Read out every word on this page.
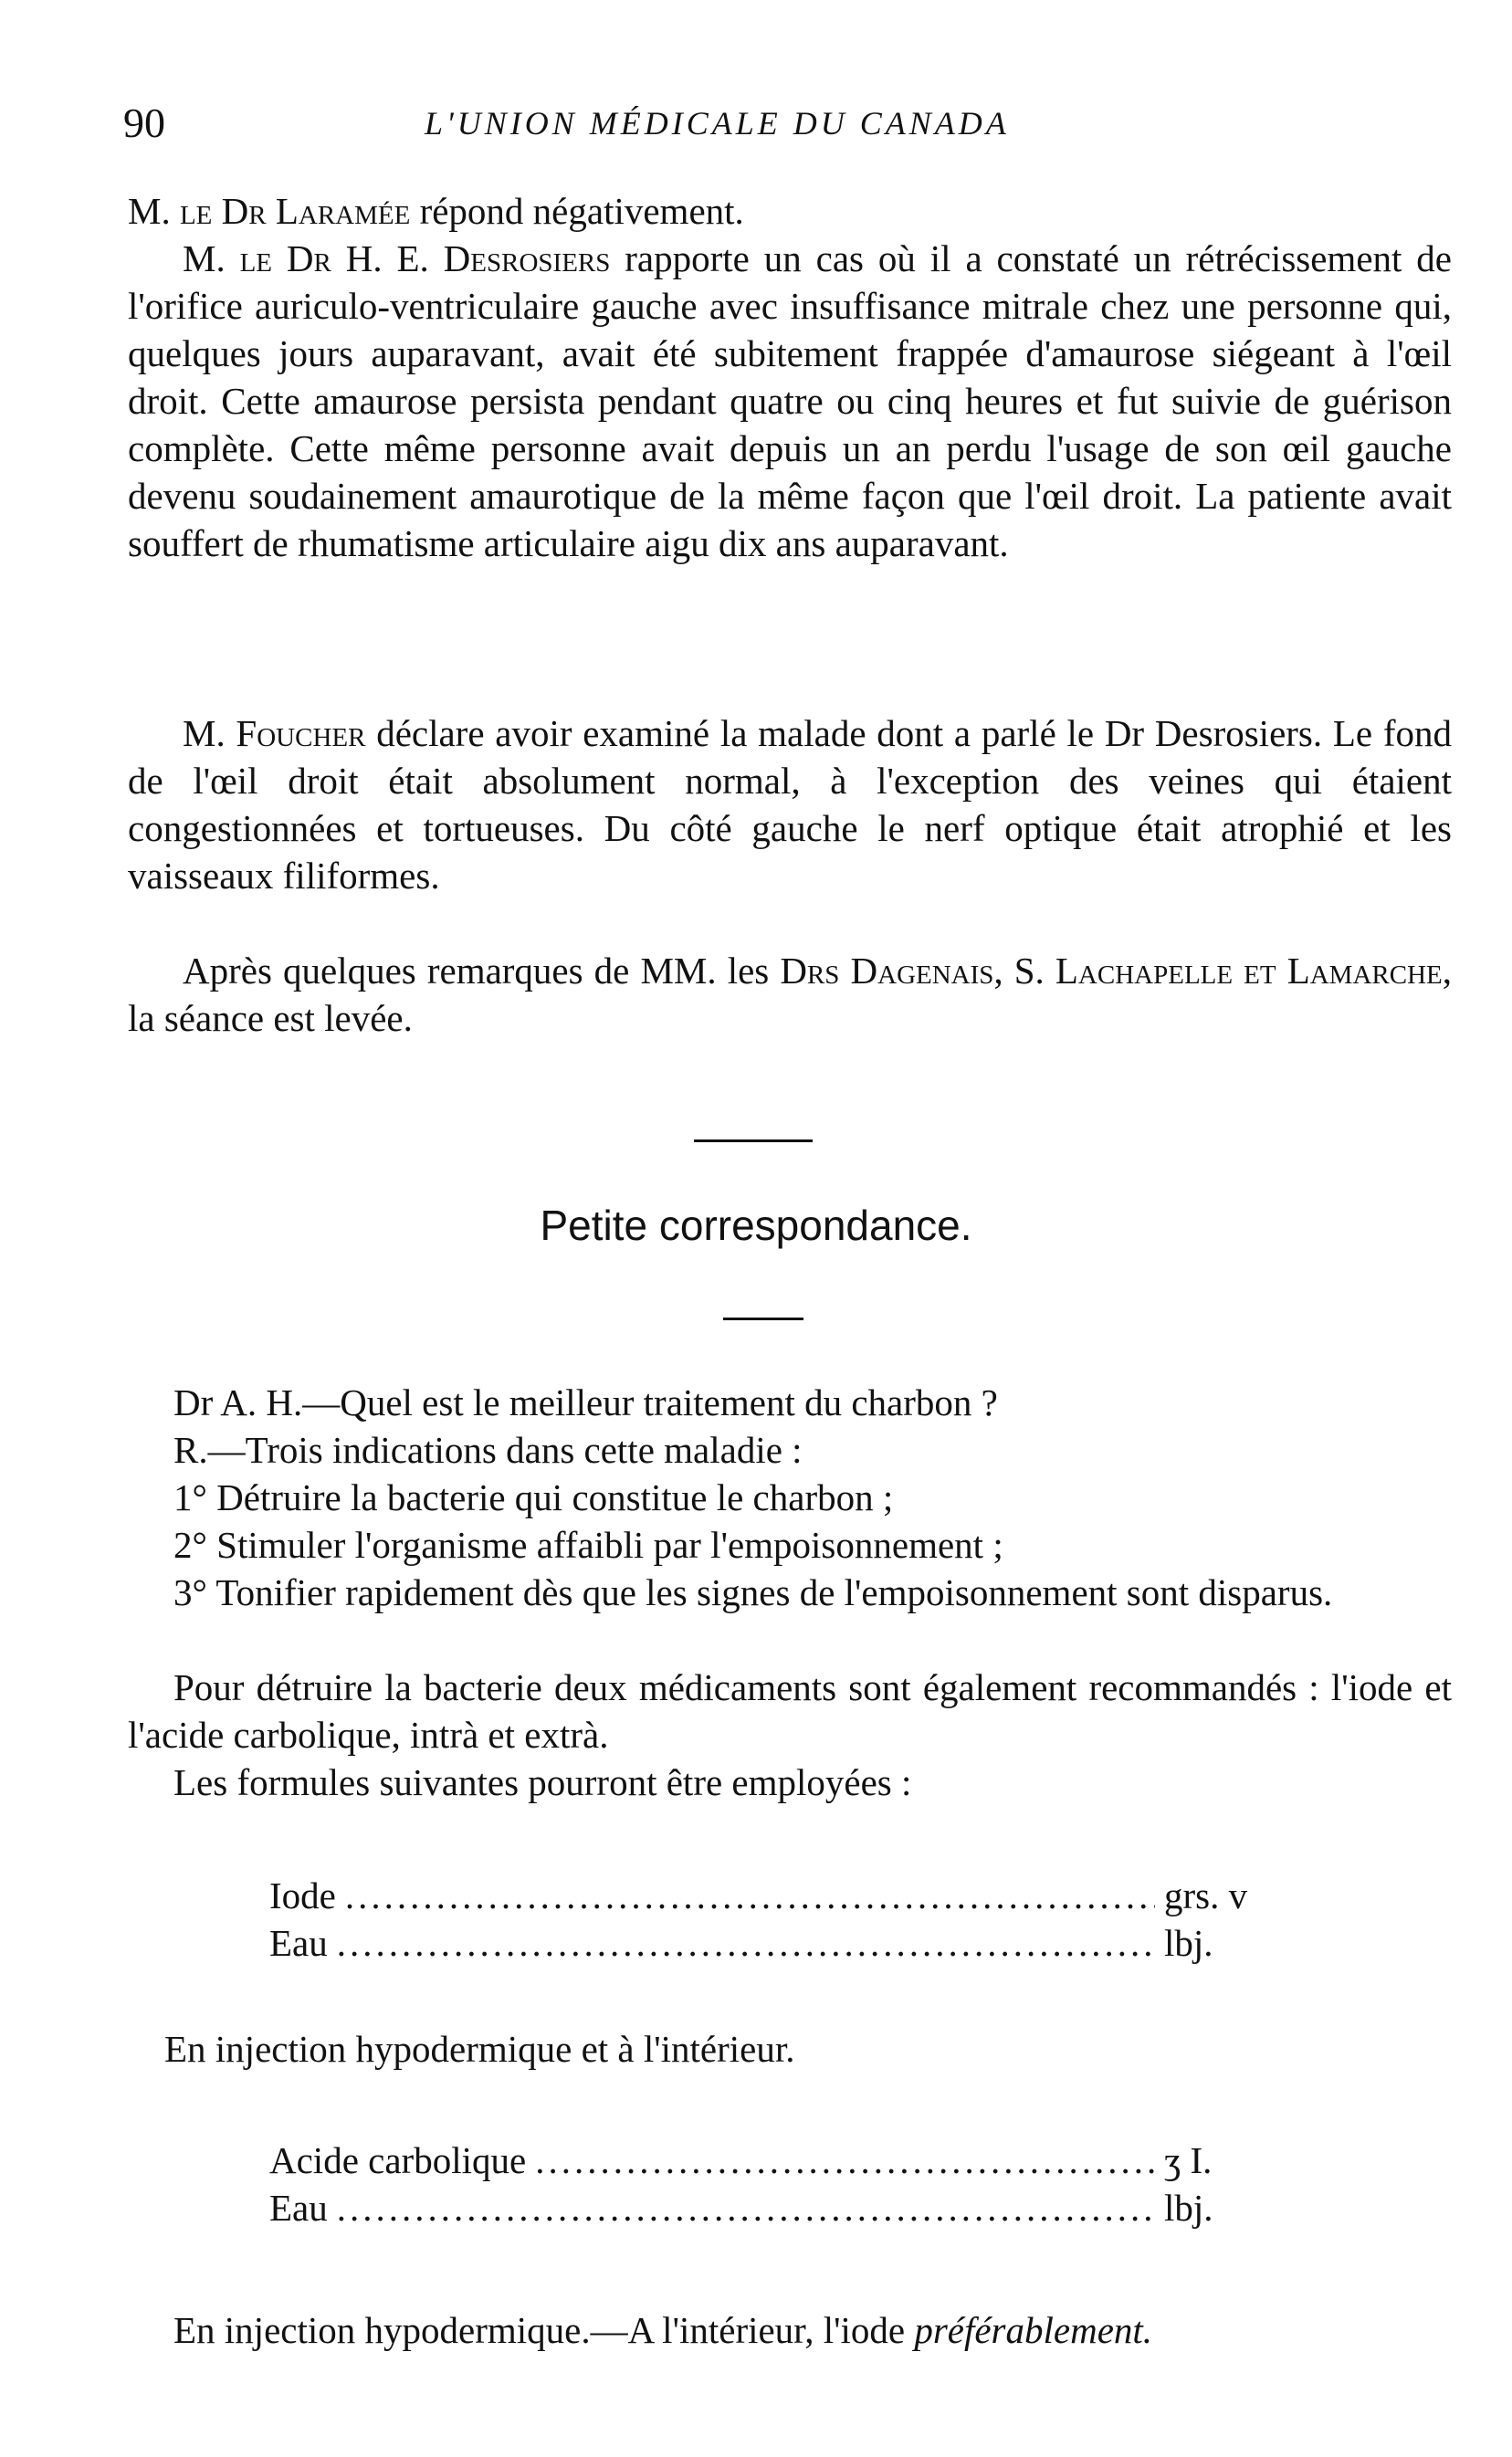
90	L'UNION MÉDICALE DU CANADA

M. le Dr Laramée répond négativement.

M. le Dr H. E. Desrosiers rapporte un cas où il a constaté un rétrécissement de l'orifice auriculo-ventriculaire gauche avec insuffisance mitrale chez une personne qui, quelques jours auparavant, avait été subitement frappée d'amaurose siégeant à l'œil droit. Cette amaurose persista pendant quatre ou cinq heures et fut suivie de guérison complète. Cette même personne avait depuis un an perdu l'usage de son œil gauche devenu soudainement amaurotique de la même façon que l'œil droit. La patiente avait souffert de rhumatisme articulaire aigu dix ans auparavant.

M. Foucher déclare avoir examiné la malade dont a parlé le Dr Desrosiers. Le fond de l'œil droit était absolument normal, à l'exception des veines qui étaient congestionnées et tortueuses. Du côté gauche le nerf optique était atrophié et les vaisseaux filiformes.

Après quelques remarques de MM. les Drs Dagenais, S. Lachapelle et Lamarche, la séance est levée.

Petite correspondance.

Dr A. H.—Quel est le meilleur traitement du charbon ?

R.—Trois indications dans cette maladie :

1° Détruire la bacterie qui constitue le charbon ;

2° Stimuler l'organisme affaibli par l'empoisonnement ;

3° Tonifier rapidement dès que les signes de l'empoisonnement sont disparus.

Pour détruire la bacterie deux médicaments sont également recommandés : l'iode et l'acide carbolique, intrà et extrà.

Les formules suivantes pourront être employées :

Iode .....	grs. v
Eau .....	lbj.
En injection hypodermique et à l'intérieur.
Acide carbolique .....	ʒ I.
Eau .....	lbj.

En injection hypodermique.—A l'intérieur, l'iode préférablement.
